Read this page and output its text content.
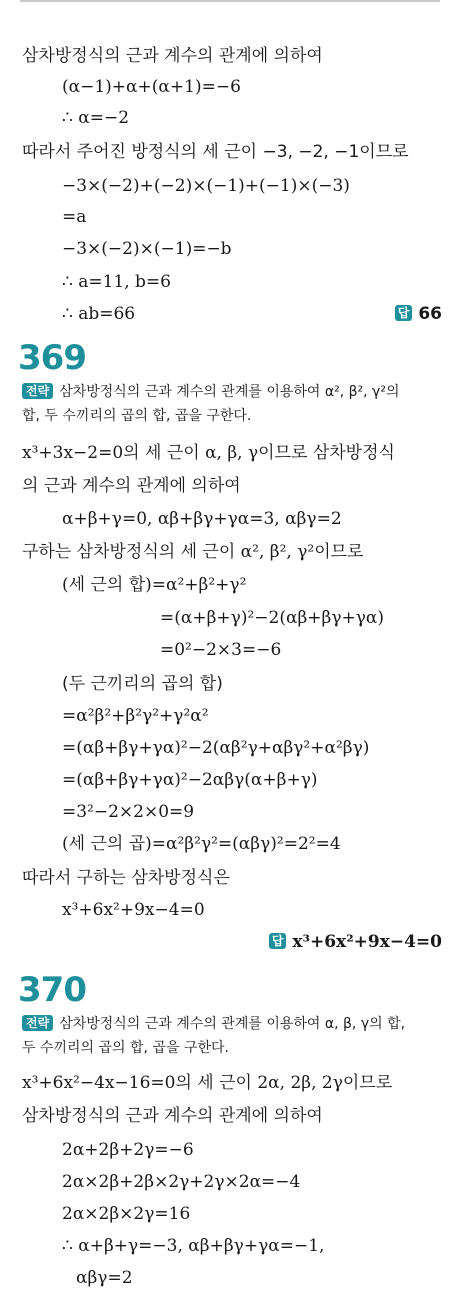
삼차방정식의 근과 계수의 관계에 의하여
(α−1)+α+(α+1)=−6
∴ α=−2
따라서 주어진 방정식의 세 근이 −3, −2, −1이므로
−3×(−2)+(−2)×(−1)+(−1)×(−3)
=a
−3×(−2)×(−1)=−b
∴ a=11, b=6
∴ ab=66	답 66
369
전략 삼차방정식의 근과 계수의 관계를 이용하여 α², β², γ²의
합, 두 수끼리의 곱의 합, 곱을 구한다.
x³+3x−2=0의 세 근이 α, β, γ이므로 삼차방정식
의 근과 계수의 관계에 의하여
α+β+γ=0, αβ+βγ+γα=3, αβγ=2
구하는 삼차방정식의 세 근이 α², β², γ²이므로
(세 근의 합)=α²+β²+γ²
=(α+β+γ)²−2(αβ+βγ+γα)
=0²−2×3=−6
(두 근끼리의 곱의 합)
=α²β²+β²γ²+γ²α²
=(αβ+βγ+γα)²−2(αβ²γ+αβγ²+α²βγ)
=(αβ+βγ+γα)²−2αβγ(α+β+γ)
=3²−2×2×0=9
(세 근의 곱)=α²β²γ²=(αβγ)²=2²=4
따라서 구하는 삼차방정식은
x³+6x²+9x−4=0
답 x³+6x²+9x−4=0
370
전략 삼차방정식의 근과 계수의 관계를 이용하여 α, β, γ의 합,
두 수끼리의 곱의 합, 곱을 구한다.
x³+6x²−4x−16=0의 세 근이 2α, 2β, 2γ이므로
삼차방정식의 근과 계수의 관계에 의하여
2α+2β+2γ=−6
2α×2β+2β×2γ+2γ×2α=−4
2α×2β×2γ=16
∴ α+β+γ=−3, αβ+βγ+γα=−1,
αβγ=2
